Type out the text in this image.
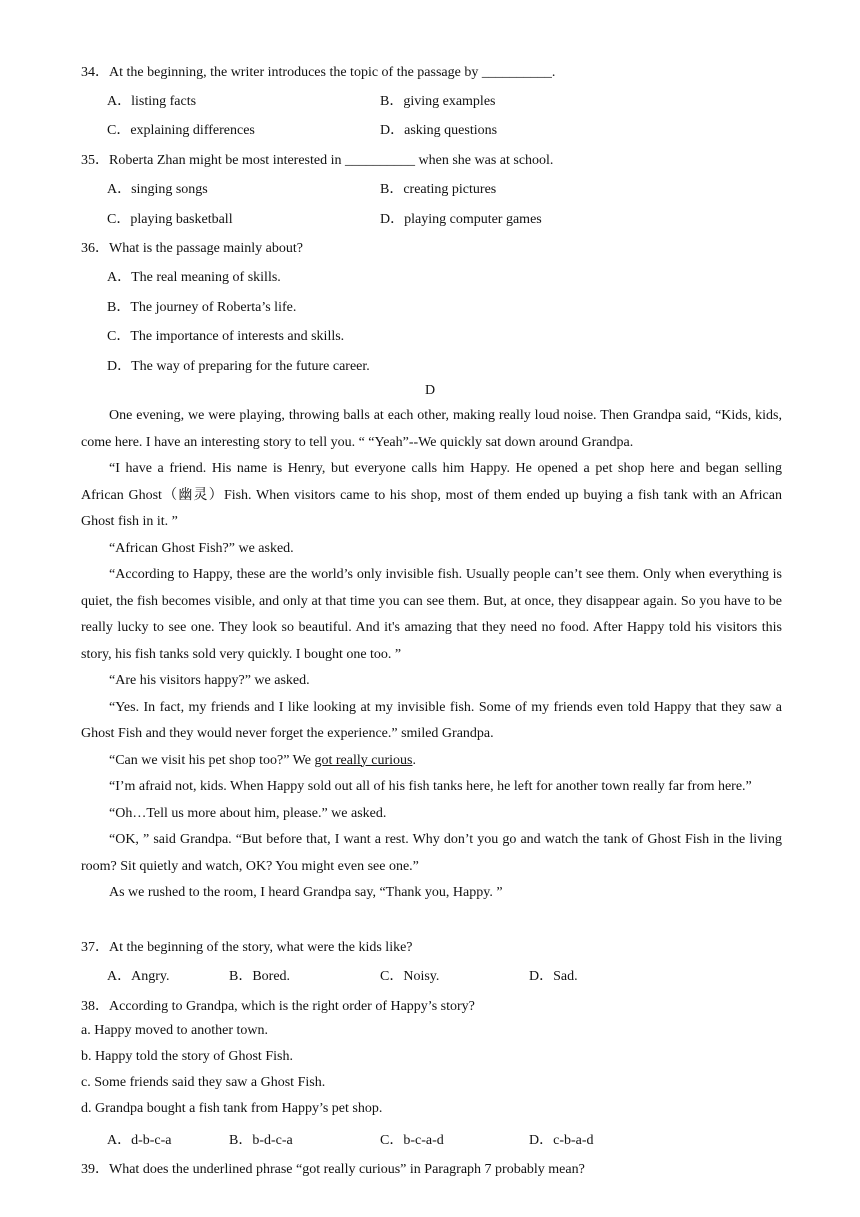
34．At the beginning, the writer introduces the topic of the passage by __________.
A．listing facts	B．giving examples
C．explaining differences	D．asking questions
35．Roberta Zhan might be most interested in __________ when she was at school.
A．singing songs	B．creating pictures
C．playing basketball	D．playing computer games
36．What is the passage mainly about?
A．The real meaning of skills.
B．The journey of Roberta’s life.
C．The importance of interests and skills.
D．The way of preparing for the future career.
D

One evening, we were playing, throwing balls at each other, making really loud noise. Then Grandpa said, “Kids, kids, come here. I have an interesting story to tell you. “ “Yeah”--We quickly sat down around Grandpa.

“I have a friend. His name is Henry, but everyone calls him Happy. He opened a pet shop here and began selling African Ghost（幽灵）Fish. When visitors came to his shop, most of them ended up buying a fish tank with an African Ghost fish in it. ”

“African Ghost Fish?” we asked.

“According to Happy, these are the world’s only invisible fish. Usually people can’t see them. Only when everything is quiet, the fish becomes visible, and only at that time you can see them. But, at once, they disappear again. So you have to be really lucky to see one. They look so beautiful. And it's amazing that they need no food. After Happy told his visitors this story, his fish tanks sold very quickly. I bought one too. ”

“Are his visitors happy?” we asked.

“Yes. In fact, my friends and I like looking at my invisible fish. Some of my friends even told Happy that they saw a Ghost Fish and they would never forget the experience.” smiled Grandpa.

“Can we visit his pet shop too?” We got really curious.

“I’m afraid not, kids. When Happy sold out all of his fish tanks here, he left for another town really far from here.”

“Oh…Tell us more about him, please.” we asked.

“OK, ” said Grandpa. “But before that, I want a rest. Why don’t you go and watch the tank of Ghost Fish in the living room? Sit quietly and watch, OK? You might even see one.”

As we rushed to the room, I heard Grandpa say, “Thank you, Happy. ”

37．At the beginning of the story, what were the kids like?
A．Angry.	B．Bored.	C．Noisy.	D．Sad.
38．According to Grandpa, which is the right order of Happy’s story?
a. Happy moved to another town.
b. Happy told the story of Ghost Fish.
c. Some friends said they saw a Ghost Fish.
d. Grandpa bought a fish tank from Happy’s pet shop.
A．d-b-c-a	B．b-d-c-a	C．b-c-a-d	D．c-b-a-d
39．What does the underlined phrase “got really curious” in Paragraph 7 probably mean?
